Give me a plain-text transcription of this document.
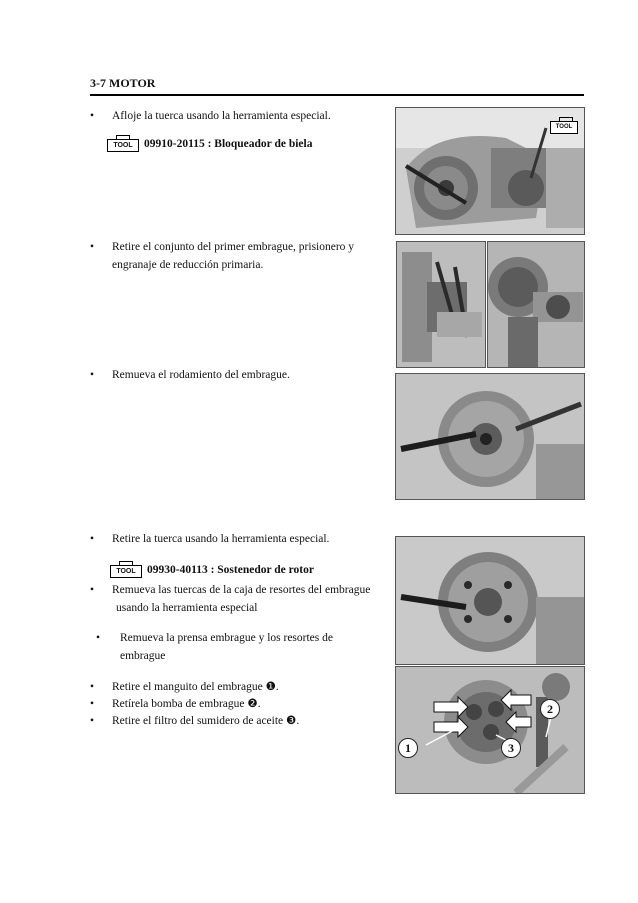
3-7 MOTOR
• Afloje la tuerca usando la herramienta especial.
TOOL 09910-20115 : Bloqueador de biela
• Retire el conjunto del primer embrague, prisionero y
engranaje de reducción primaria.
• Remueva el rodamiento del embrague.
• Retire la tuerca usando la herramienta especial.
TOOL 09930-40113 : Sostenedor de rotor
• Remueva las tuercas de la caja de resortes del embrague
usando la herramienta especial
• Remueva la prensa embrague y los resortes de
embrague
• Retire el manguito del embrague ❶.
• Retírela bomba de embrague ❷.
• Retire el filtro del sumidero de aceite ❸.
TOOL
1
2
3
